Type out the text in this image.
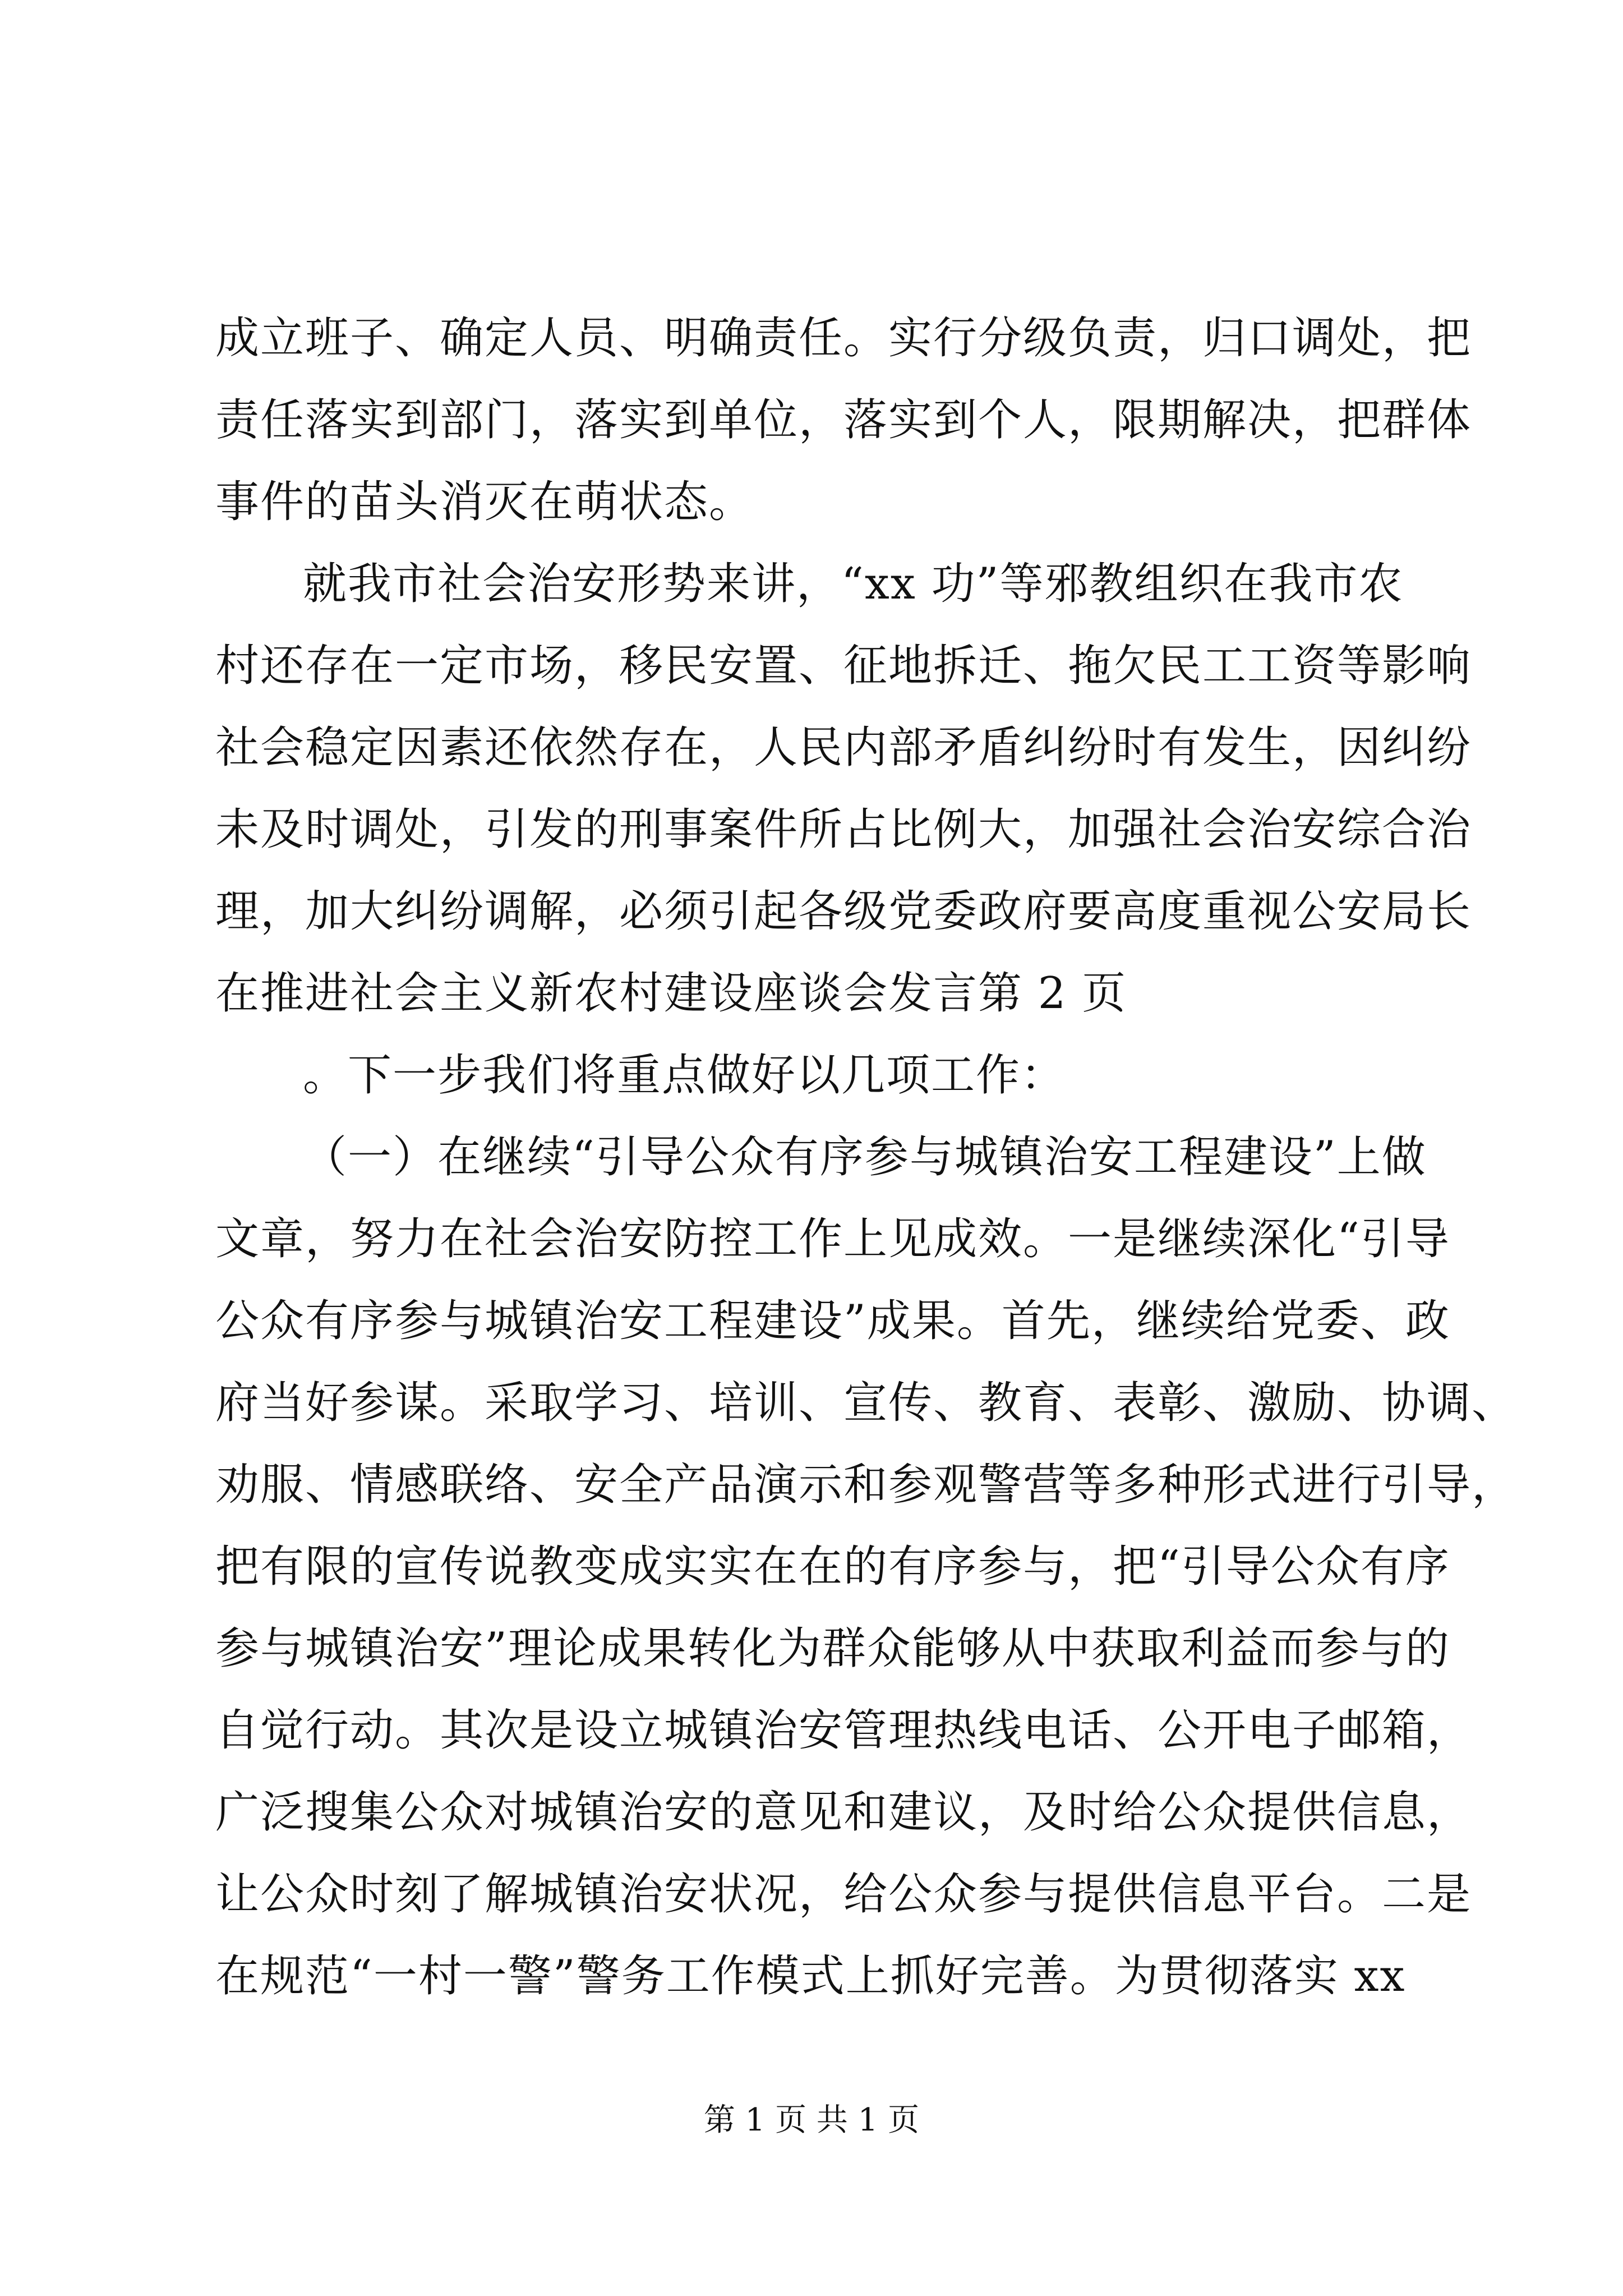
成立班子、确定人员、明确责任。实行分级负责，归口调处，把
责任落实到部门，落实到单位，落实到个人，限期解决，把群体
事件的苗头消灭在萌状态。
就我市社会治安形势来讲，“xx 功”等邪教组织在我市农
村还存在一定市场，移民安置、征地拆迁、拖欠民工工资等影响
社会稳定因素还依然存在，人民内部矛盾纠纷时有发生，因纠纷
未及时调处，引发的刑事案件所占比例大，加强社会治安综合治
理，加大纠纷调解，必须引起各级党委政府要高度重视公安局长
在推进社会主义新农村建设座谈会发言第 2 页
。下一步我们将重点做好以几项工作：
（一）在继续“引导公众有序参与城镇治安工程建设”上做
文章，努力在社会治安防控工作上见成效。一是继续深化“引导
公众有序参与城镇治安工程建设”成果。首先，继续给党委、政
府当好参谋。采取学习、培训、宣传、教育、表彰、激励、协调、
劝服、情感联络、安全产品演示和参观警营等多种形式进行引导，
把有限的宣传说教变成实实在在的有序参与，把“引导公众有序
参与城镇治安”理论成果转化为群众能够从中获取利益而参与的
自觉行动。其次是设立城镇治安管理热线电话、公开电子邮箱，
广泛搜集公众对城镇治安的意见和建议，及时给公众提供信息，
让公众时刻了解城镇治安状况，给公众参与提供信息平台。二是
在规范“一村一警”警务工作模式上抓好完善。为贯彻落实 xx
第 1 页 共 1 页
